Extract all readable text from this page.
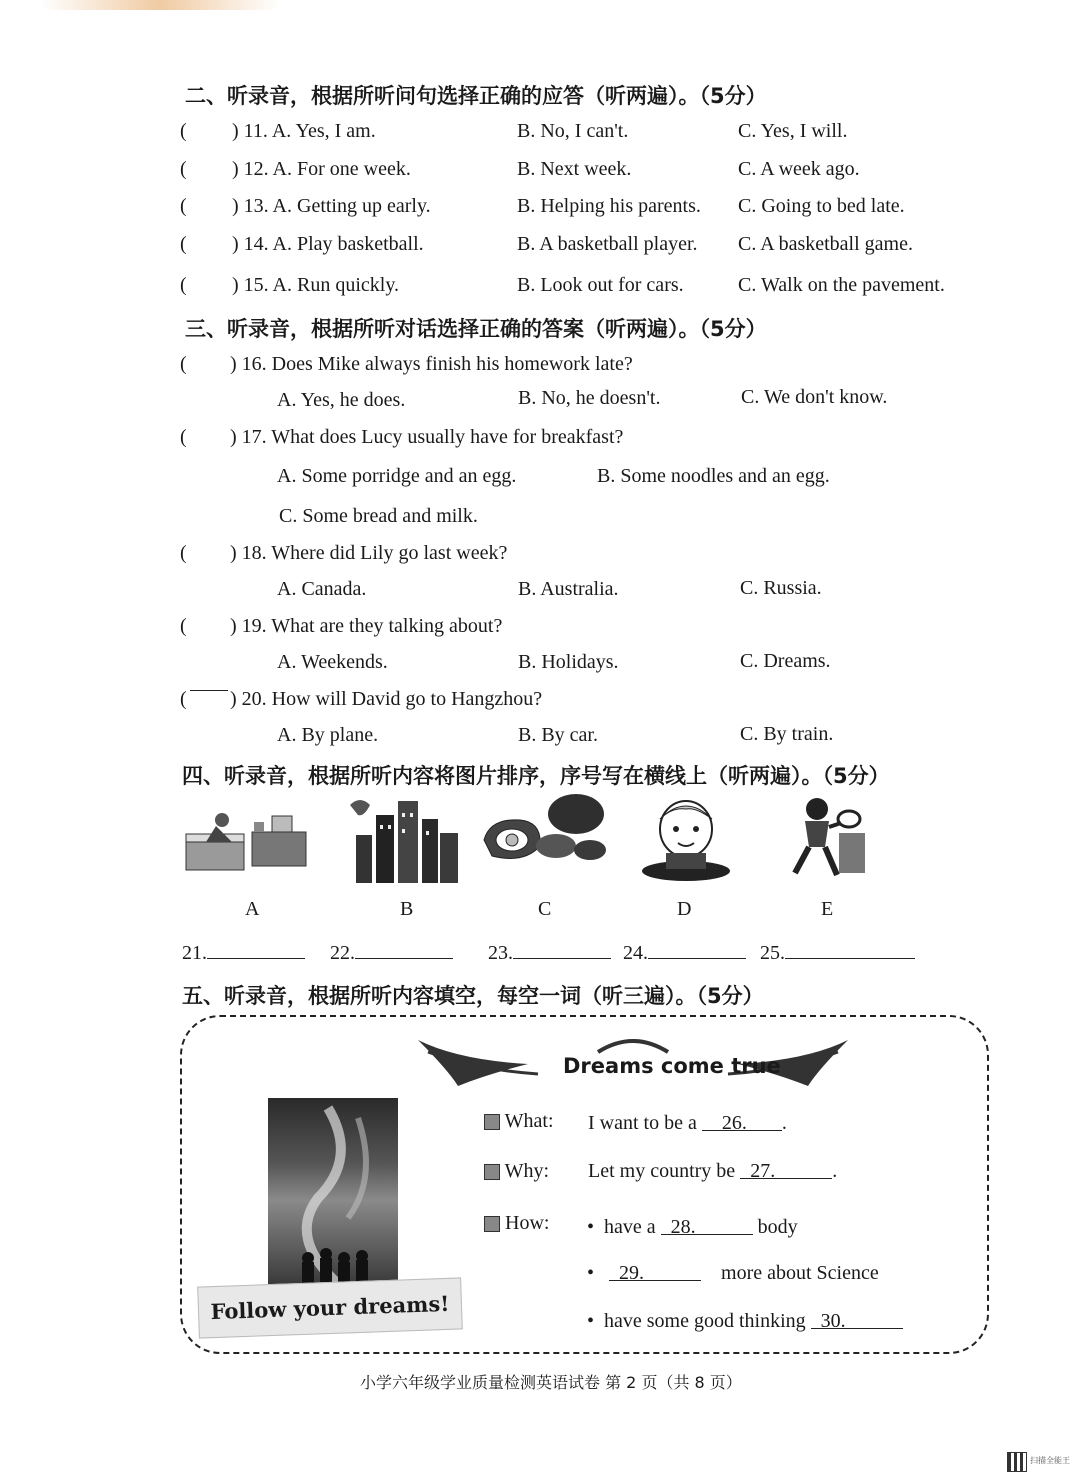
二、听录音，根据所听问句选择正确的应答（听两遍）。（5分）
( ) 11. A. Yes, I am.	B. No, I can't.	C. Yes, I will.
( ) 12. A. For one week.	B. Next week.	C. A week ago.
( ) 13. A. Getting up early.	B. Helping his parents. C. Going to bed late.
( ) 14. A. Play basketball.	B. A basketball player. C. A basketball game.
( ) 15. A. Run quickly.	B. Look out for cars.	C. Walk on the pavement.
三、听录音，根据所听对话选择正确的答案（听两遍）。（5分）
( ) 16. Does Mike always finish his homework late?
A. Yes, he does.	B. No, he doesn't.	C. We don't know.
( ) 17. What does Lucy usually have for breakfast?
A. Some porridge and an egg.	B. Some noodles and an egg.
C. Some bread and milk.
( ) 18. Where did Lily go last week?
A. Canada.	B. Australia.	C. Russia.
( ) 19. What are they talking about?
A. Weekends.	B. Holidays.	C. Dreams.
( ) 20. How will David go to Hangzhou?
A. By plane.	B. By car.	C. By train.
四、听录音，根据所听内容将图片排序，序号写在横线上（听两遍）。（5分）
A	B	C	D	E
21.	22.	23.	24.	25.
五、听录音，根据所听内容填空，每空一词（听三遍）。（5分）
Dreams come true
Follow your dreams!
What: I want to be a 26. .
Why: Let my country be 27.	.
How: • have a 28.	body
• 29.	more about Science
• have some good thinking 30.
小学六年级学业质量检测英语试卷 第 2 页（共 8 页）
扫描全能王
